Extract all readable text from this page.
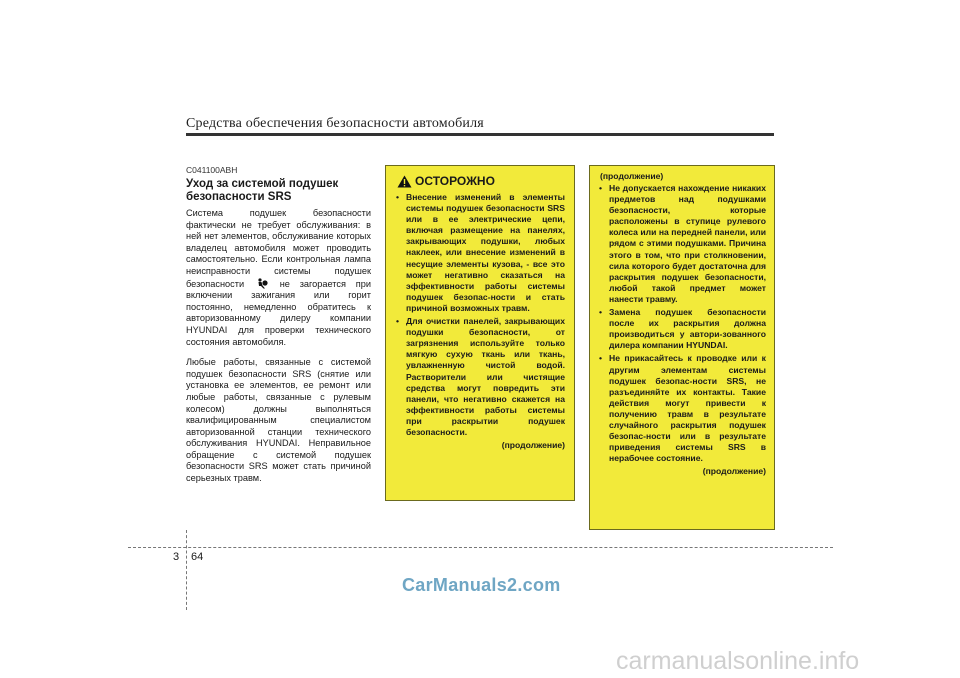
Средства обеспечения безопасности автомобиля
C041100ABH
Уход за системой подушек безопасности SRS

Система подушек безопасности фактически не требует обслуживания: в ней нет элементов, обслуживание которых владелец автомобиля может проводить самостоятельно. Если контрольная лампа неисправности системы подушек безопасности	не загорается при включении зажигания или горит постоянно, немедленно обратитесь к авторизованному дилеру компании HYUNDAI для проверки технического состояния автомобиля.

Любые работы, связанные с системой подушек безопасности SRS (снятие или установка ее элементов, ее ремонт или любые работы, связанные с рулевым колесом) должны выполняться квалифицированным специалистом авторизованной станции технического обслуживания HYUNDAI. Неправильное обращение с системой подушек безопасности SRS может стать причиной серьезных травм.

ОСТОРОЖНО
• Внесение изменений в элементы системы подушек безопасности SRS или в ее электрические цепи, включая размещение на панелях, закрывающих подушки, любых наклеек, или внесение изменений в несущие элементы кузова, - все это может негативно сказаться на эффективности работы системы подушек безопас-ности и стать причиной возможных травм.
• Для очистки панелей, закрывающих подушки безопасности, от загрязнения используйте только мягкую сухую ткань или ткань, увлажненную чистой водой. Растворители или чистящие средства могут повредить эти панели, что негативно скажется на эффективности работы системы при раскрытии подушек безопасности.
(продолжение)
(продолжение)
• Не допускается нахождение никаких предметов над подушками безопасности, которые расположены в ступице рулевого колеса или на передней панели, или рядом с этими подушками. Причина этого в том, что при столкновении, сила которого будет достаточна для раскрытия подушек безопасности, любой такой предмет может нанести травму.
• Замена подушек безопасности после их раскрытия должна производиться у автори-зованного дилера компании HYUNDAI.
• Не прикасайтесь к проводке или к другим элементам системы подушек безопас-ности SRS, не разъединяйте их контакты. Такие действия могут привести к получению травм в результате случайного раскрытия подушек безопас-ности или в результате приведения системы SRS в нерабочее состояние.
(продолжение)
3 64
CarManuals2.com
carmanualsonline.info
